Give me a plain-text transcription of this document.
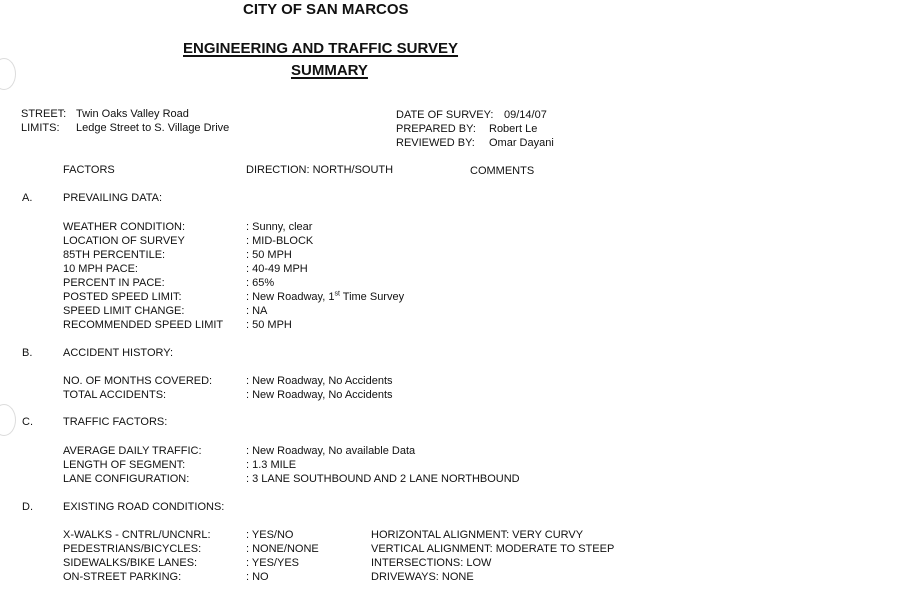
CITY OF SAN MARCOS
ENGINEERING AND TRAFFIC SURVEY
SUMMARY
STREET: Twin Oaks Valley Road
LIMITS: Ledge Street to S. Village Drive
DATE OF SURVEY: 09/14/07
PREPARED BY: Robert Le
REVIEWED BY: Omar Dayani
FACTORS	DIRECTION: NORTH/SOUTH	COMMENTS
A.	PREVAILING DATA:
WEATHER CONDITION:	: Sunny, clear
LOCATION OF SURVEY	: MID-BLOCK
85TH PERCENTILE:	: 50 MPH
10 MPH PACE:	: 40-49 MPH
PERCENT IN PACE:	: 65%
POSTED SPEED LIMIT:	: New Roadway, 1st Time Survey
SPEED LIMIT CHANGE:	: NA
RECOMMENDED SPEED LIMIT : 50 MPH
B.	ACCIDENT HISTORY:
NO. OF MONTHS COVERED:	: New Roadway, No Accidents
TOTAL ACCIDENTS:	: New Roadway, No Accidents
C.	TRAFFIC FACTORS:
AVERAGE DAILY TRAFFIC:	: New Roadway, No available Data
LENGTH OF SEGMENT:	: 1.3 MILE
LANE CONFIGURATION:	: 3 LANE SOUTHBOUND AND 2 LANE NORTHBOUND
D.	EXISTING ROAD CONDITIONS:
X-WALKS - CNTRL/UNCNRL:	: YES/NO	HORIZONTAL ALIGNMENT: VERY CURVY
PEDESTRIANS/BICYCLES:	: NONE/NONE	VERTICAL ALIGNMENT: MODERATE TO STEEP
SIDEWALKS/BIKE LANES:	: YES/YES	INTERSECTIONS: LOW
ON-STREET PARKING:	: NO	DRIVEWAYS: NONE
